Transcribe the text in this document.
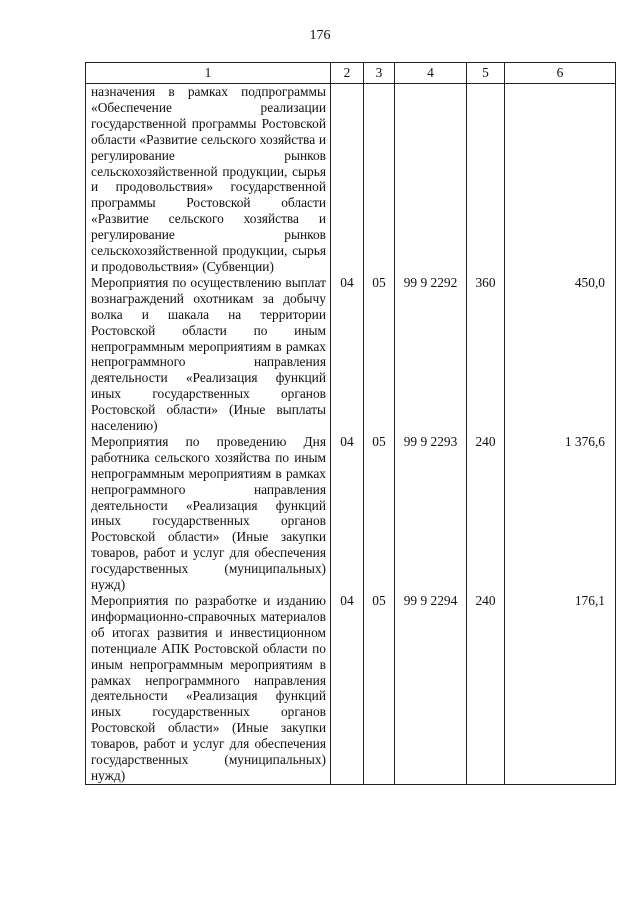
176
1	2	3	4	5	6
назначения в рамках подпрограммы «Обеспечение реализации государственной программы Ростовской области «Развитие сельского хозяйства и регулирование рынков сельскохозяйственной продукции, сырья и продовольствия» государственной программы Ростовской области «Развитие сельского хозяйства и регулирование рынков сельскохозяйственной продукции, сырья и продовольствия» (Субвенции)					
Мероприятия по осуществлению выплат вознаграждений охотникам за добычу волка и шакала на территории Ростовской области по иным непрограммным мероприятиям в рамках непрограммного направления деятельности «Реализация функций иных государственных органов Ростовской области» (Иные выплаты населению)	04	05	99 9 2292	360	450,0
Мероприятия по проведению Дня работника сельского хозяйства по иным непрограммным мероприятиям в рамках непрограммного направления деятельности «Реализация функций иных государственных органов Ростовской области» (Иные закупки товаров, работ и услуг для обеспечения государственных (муниципальных) нужд)	04	05	99 9 2293	240	1 376,6
Мероприятия по разработке и изданию информационно-справочных материалов об итогах развития и инвестиционном потенциале АПК Ростовской области по иным непрограммным мероприятиям в рамках непрограммного направления деятельности «Реализация функций иных государственных органов Ростовской области» (Иные закупки товаров, работ и услуг для обеспечения государственных (муниципальных) нужд)	04	05	99 9 2294	240	176,1
